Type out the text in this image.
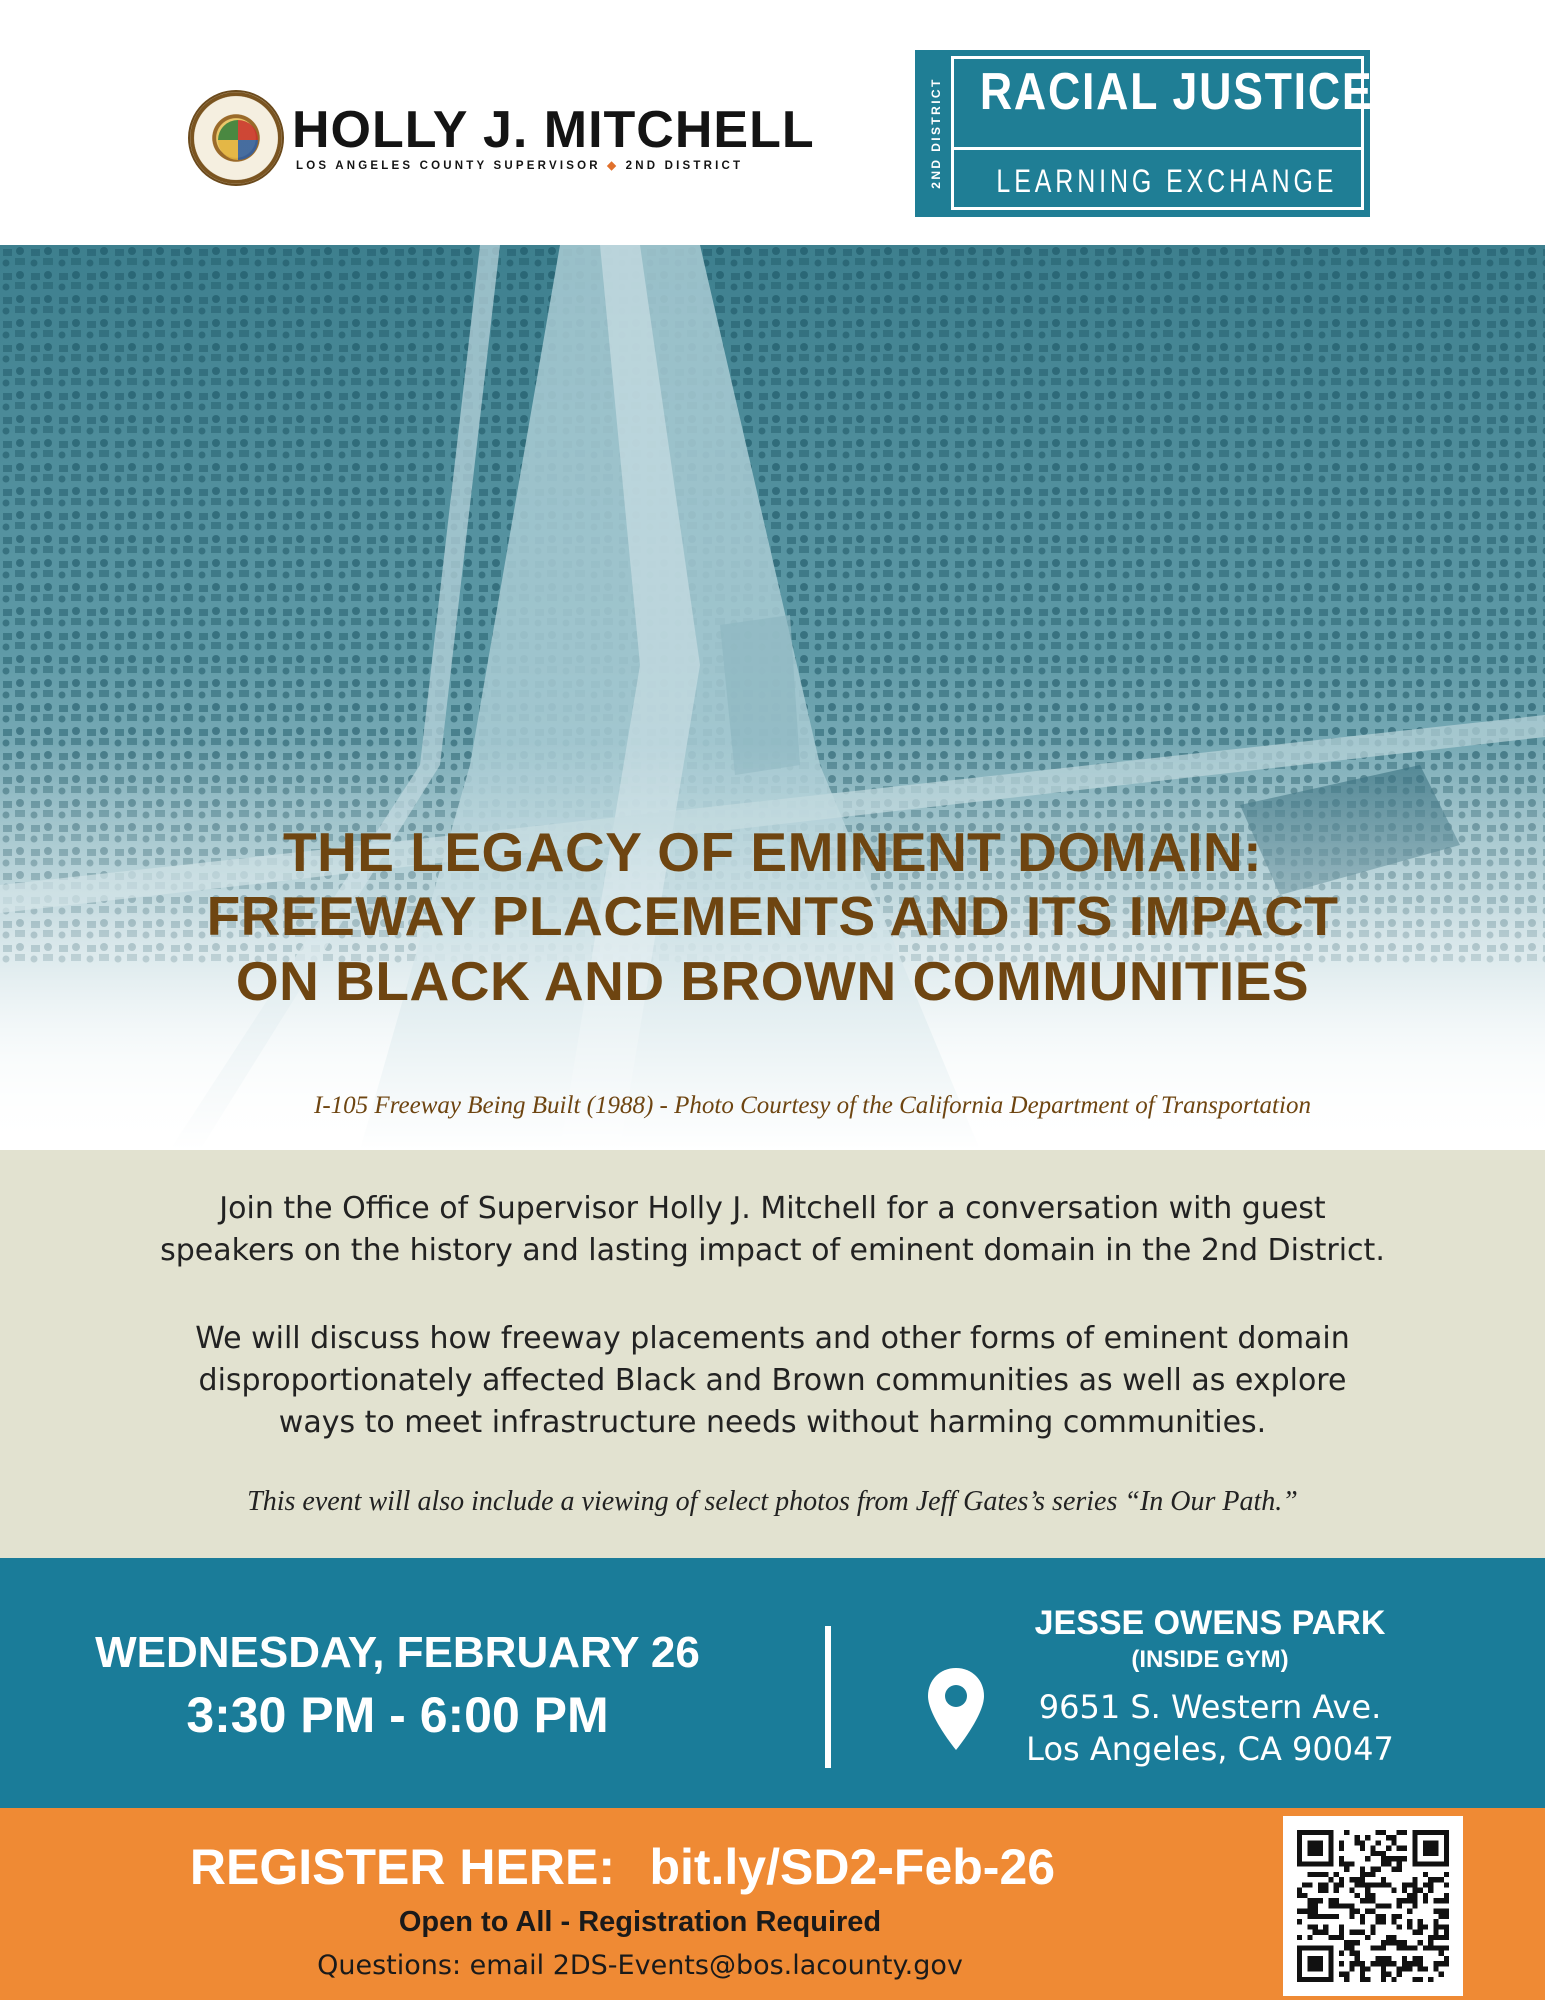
HOLLY J. MITCHELL
LOS ANGELES COUNTY SUPERVISOR ◆ 2ND DISTRICT	2ND DISTRICT RACIAL JUSTICE
LEARNING EXCHANGE
THE LEGACY OF EMINENT DOMAIN:
FREEWAY PLACEMENTS AND ITS IMPACT
ON BLACK AND BROWN COMMUNITIES
I-105 Freeway Being Built (1988) - Photo Courtesy of the California Department of Transportation
Join the Office of Supervisor Holly J. Mitchell for a conversation with guest
speakers on the history and lasting impact of eminent domain in the 2nd District.
We will discuss how freeway placements and other forms of eminent domain
disproportionately affected Black and Brown communities as well as explore
ways to meet infrastructure needs without harming communities.
This event will also include a viewing of select photos from Jeff Gates’s series “In Our Path.”
WEDNESDAY, FEBRUARY 26
3:30 PM - 6:00 PM
JESSE OWENS PARK
(INSIDE GYM)
9651 S. Western Ave.
Los Angeles, CA 90047
REGISTER HERE: bit.ly/SD2-Feb-26
Open to All - Registration Required
Questions: email 2DS-Events@bos.lacounty.gov
